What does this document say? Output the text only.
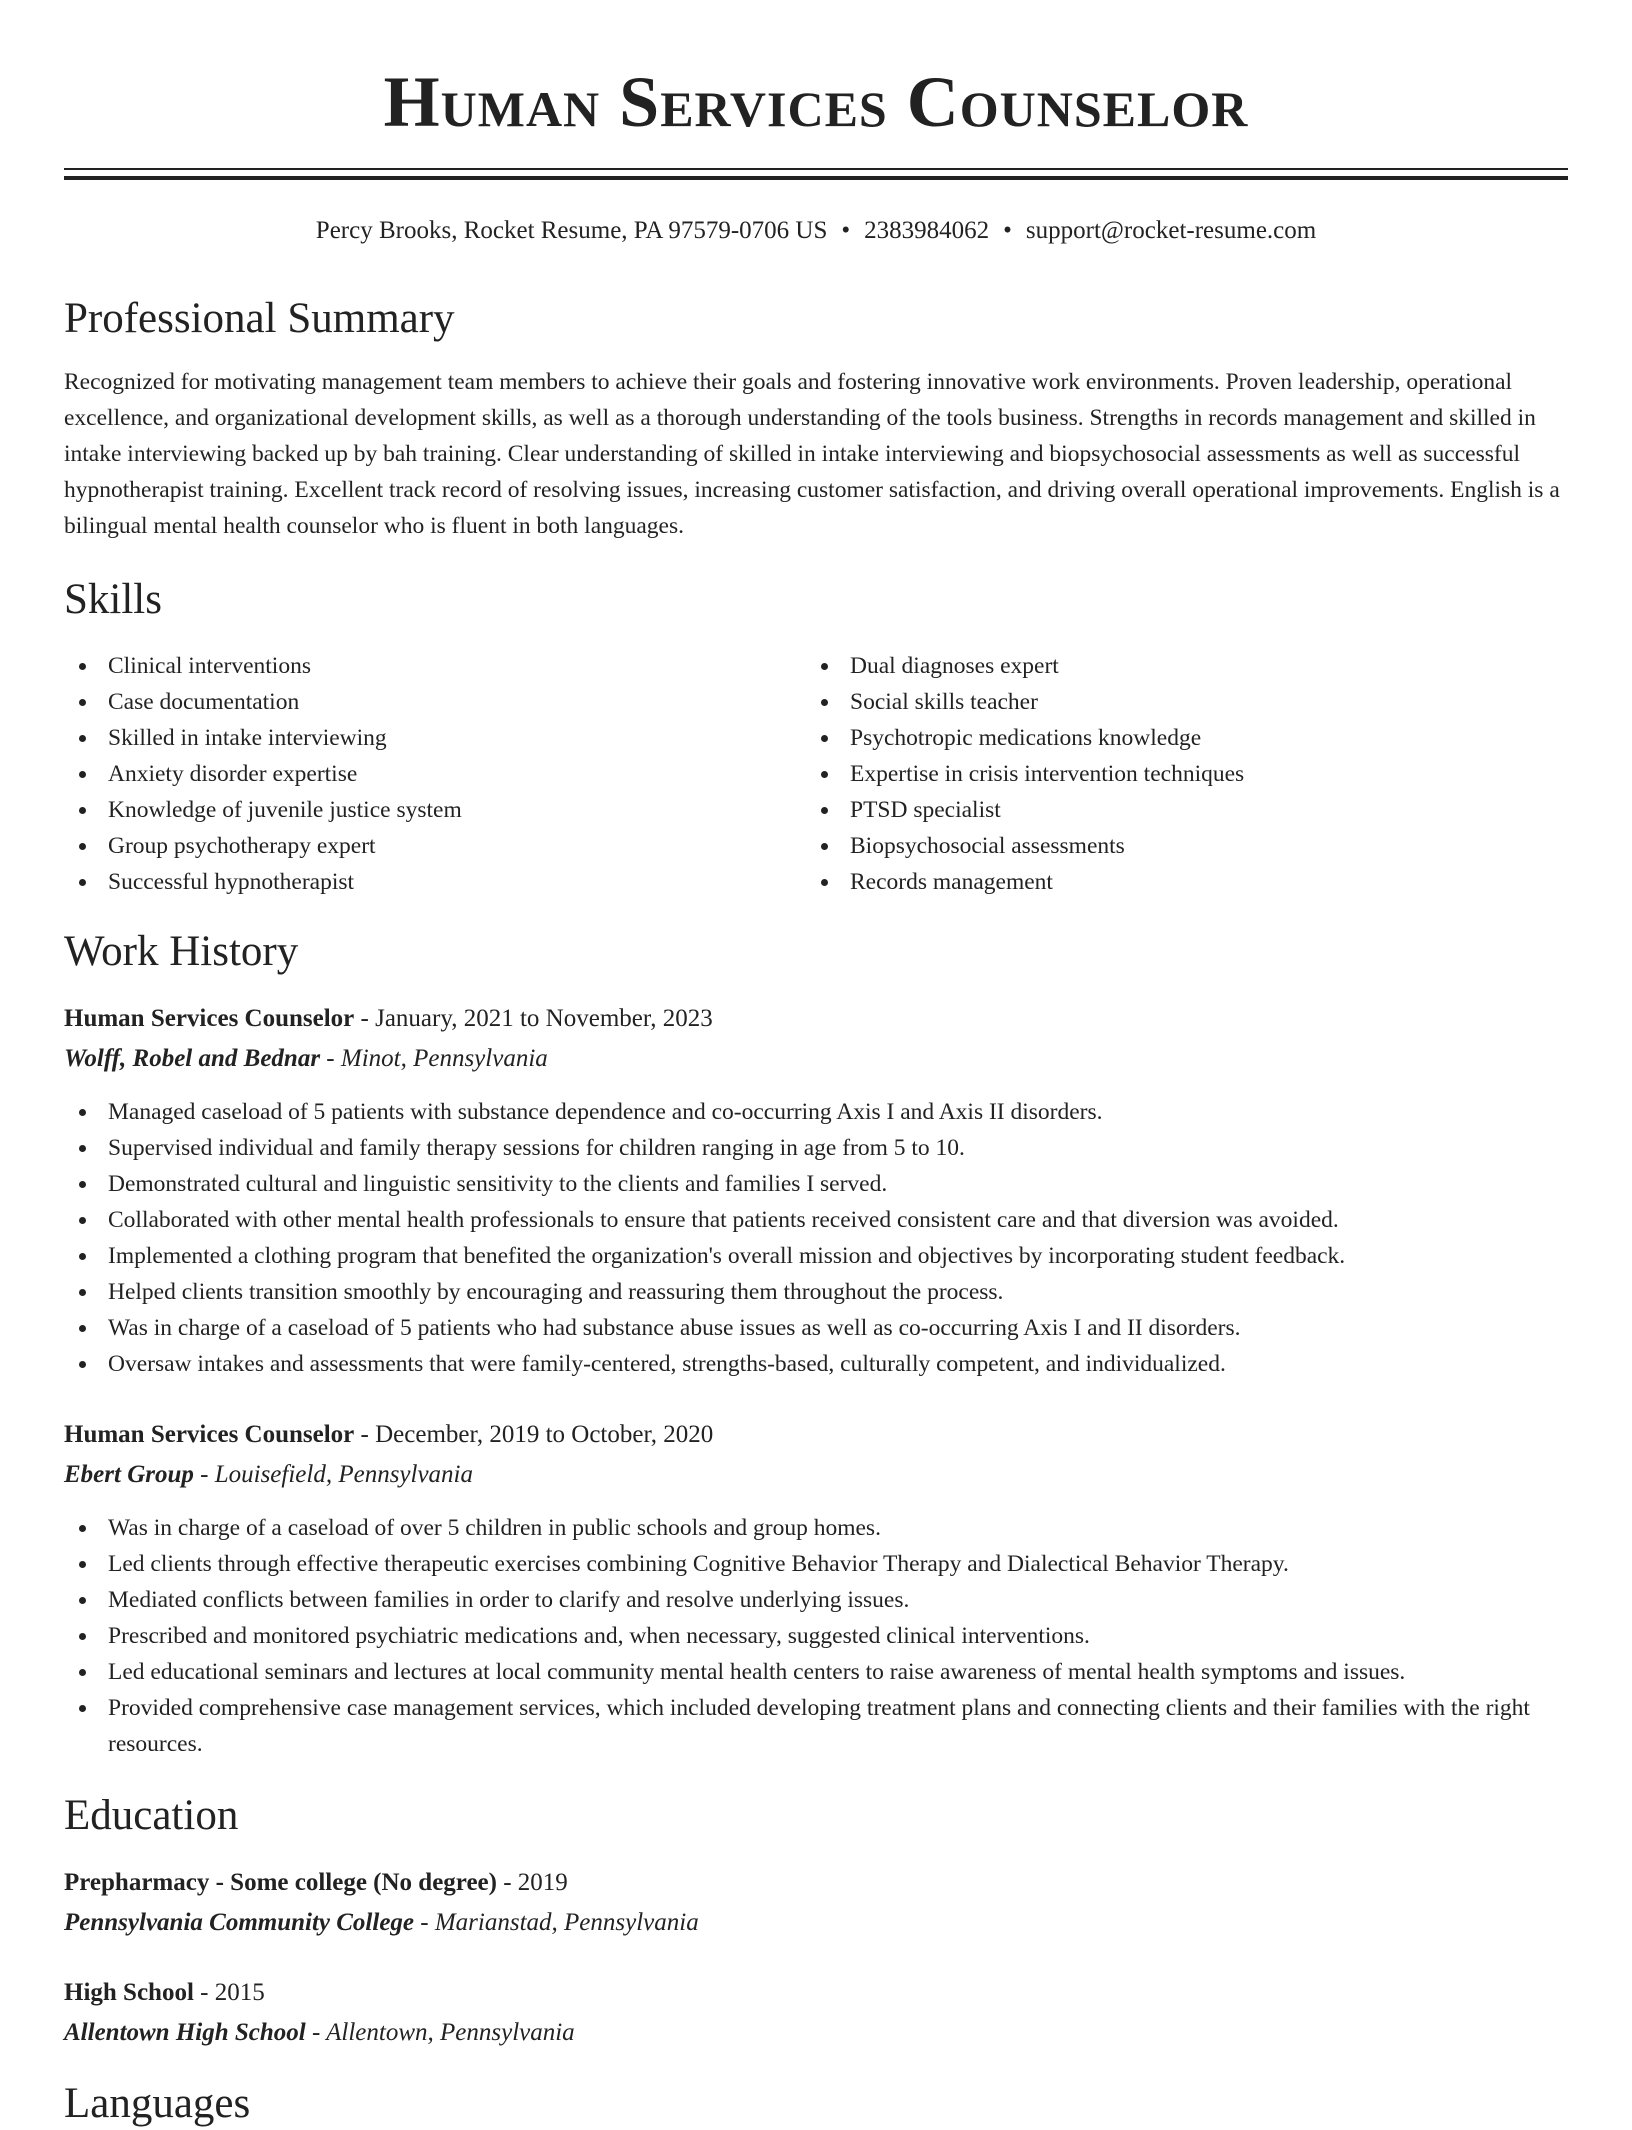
Human Services Counselor
Percy Brooks, Rocket Resume, PA 97579-0706 US • 2383984062 • support@rocket-resume.com
Professional Summary
Recognized for motivating management team members to achieve their goals and fostering innovative work environments. Proven leadership, operational excellence, and organizational development skills, as well as a thorough understanding of the tools business. Strengths in records management and skilled in intake interviewing backed up by bah training. Clear understanding of skilled in intake interviewing and biopsychosocial assessments as well as successful hypnotherapist training. Excellent track record of resolving issues, increasing customer satisfaction, and driving overall operational improvements. English is a bilingual mental health counselor who is fluent in both languages.
Skills
Clinical interventions
Case documentation
Skilled in intake interviewing
Anxiety disorder expertise
Knowledge of juvenile justice system
Group psychotherapy expert
Successful hypnotherapist
Dual diagnoses expert
Social skills teacher
Psychotropic medications knowledge
Expertise in crisis intervention techniques
PTSD specialist
Biopsychosocial assessments
Records management
Work History
Human Services Counselor - January, 2021 to November, 2023
Wolff, Robel and Bednar - Minot, Pennsylvania
Managed caseload of 5 patients with substance dependence and co-occurring Axis I and Axis II disorders.
Supervised individual and family therapy sessions for children ranging in age from 5 to 10.
Demonstrated cultural and linguistic sensitivity to the clients and families I served.
Collaborated with other mental health professionals to ensure that patients received consistent care and that diversion was avoided.
Implemented a clothing program that benefited the organization's overall mission and objectives by incorporating student feedback.
Helped clients transition smoothly by encouraging and reassuring them throughout the process.
Was in charge of a caseload of 5 patients who had substance abuse issues as well as co-occurring Axis I and II disorders.
Oversaw intakes and assessments that were family-centered, strengths-based, culturally competent, and individualized.
Human Services Counselor - December, 2019 to October, 2020
Ebert Group - Louisefield, Pennsylvania
Was in charge of a caseload of over 5 children in public schools and group homes.
Led clients through effective therapeutic exercises combining Cognitive Behavior Therapy and Dialectical Behavior Therapy.
Mediated conflicts between families in order to clarify and resolve underlying issues.
Prescribed and monitored psychiatric medications and, when necessary, suggested clinical interventions.
Led educational seminars and lectures at local community mental health centers to raise awareness of mental health symptoms and issues.
Provided comprehensive case management services, which included developing treatment plans and connecting clients and their families with the right resources.
Education
Prepharmacy - Some college (No degree) - 2019
Pennsylvania Community College - Marianstad, Pennsylvania
High School - 2015
Allentown High School - Allentown, Pennsylvania
Languages
